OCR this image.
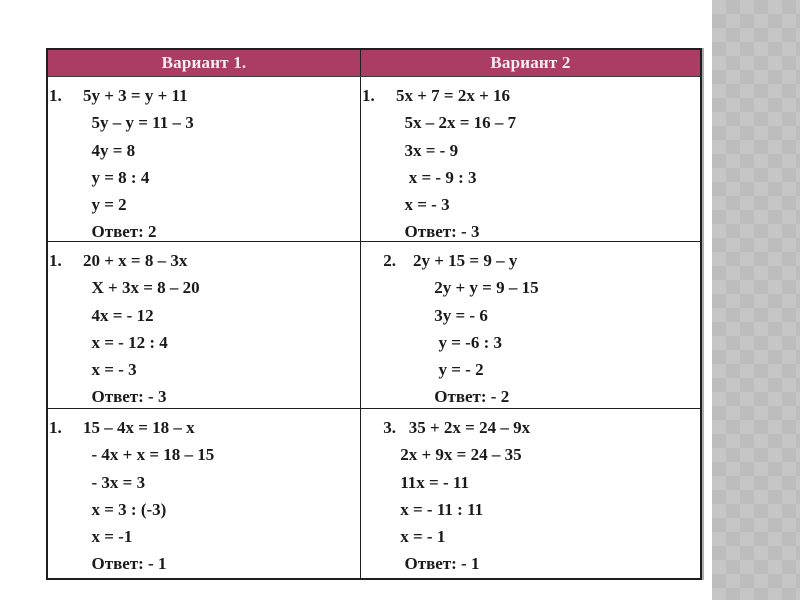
Вариант 1.	Вариант 2
1.     5y + 3 = y + 11
5y – y = 11 – 3
4y = 8
y = 8 : 4
y = 2
Ответ: 2
1.     5x + 7 = 2x + 16
5x – 2x = 16 – 7
3x = - 9
x = - 9 : 3
x = - 3
Ответ: - 3
1.     20 + x = 8 – 3x
X + 3x = 8 – 20
4x = - 12
x = - 12 : 4
x = - 3
Ответ: - 3
2.    2y + 15 = 9 – y
2y + y = 9 – 15
3y = - 6
y = -6 : 3
y = - 2
Ответ: - 2
1.     15 – 4x = 18 – x
- 4x + x = 18 – 15
- 3x = 3
x = 3 : (-3)
x = -1
Ответ: - 1
3.   35 + 2x = 24 – 9x
2x + 9x = 24 – 35
11x = - 11
x = - 11 : 11
x = - 1
Ответ: - 1
